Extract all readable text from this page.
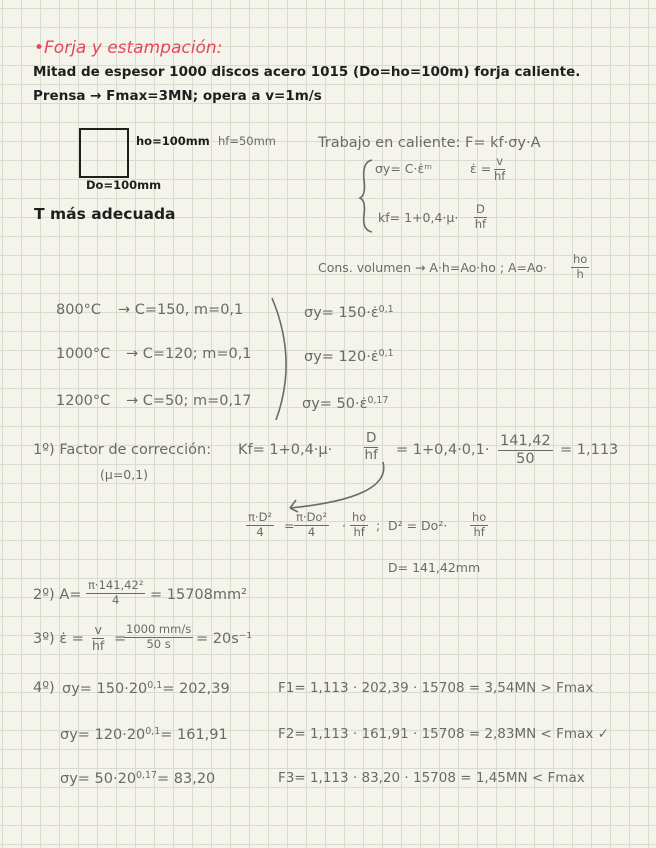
•Forja y estampación:
Mitad de espesor 1000 discos acero 1015 (Do=ho=100m) forja caliente.
Prensa → Fmax=3MN; opera a v=1m/s
ho=100mm hf=50mm
Do=100mm
T más adecuada
Trabajo en caliente: F= kf·σy·A
σy= C·ε̇ᵐ	ε̇ = $\frac{v}{hf}$
$kf= 1+0,4\cdot\mu\cdot \frac{D}{hf}$
Cons. volumen → A·h=Ao·ho ; $A=Ao\cdot \frac{ho}{h}$
800°C → C=150, m=0,1	σy= 150·ε̇$^{0,1}$
1000°C → C=120; m=0,1	σy= 120·ε̇$^{0,1}$
1200°C → C=50; m=0,17	σy= 50·ε̇$^{0,17}$
1º) Factor de corrección:
(μ=0,1)
$Kf= 1+0,4\cdot\mu\cdot \frac{D}{hf} = 1+0,4\cdot 0,1\cdot \frac{141,42}{50} = 1,113$
$\frac{\text{π·D²}}{4} = \frac{\text{π·Do²}}{4} \cdot \frac{ho}{hf}$ ; $D^2 = Do^2\cdot \frac{ho}{hf}$
D= 141,42mm
2º) $A= \frac{\text{π·141,42²}}{4} = 15708mm^2$
3º) ε̇ = $\frac{v}{hf}$ =
$\frac{1000 mm/s}{50 s} = 20s^{-1}$
4º) $\sigma y= 150\cdot 20^{0,1}= 202,39$	F1= 1,113 · 202,39 · 15708 = 3,54MN > Fmax
$\sigma y= 120\cdot 20^{0,1}= 161,91$	F2= 1,113 · 161,91 · 15708 = 2,83MN < Fmax ✓
$\sigma y= 50\cdot 20^{0,17}= 83,20$	F3= 1,113 · 83,20 · 15708 = 1,45MN < Fmax
